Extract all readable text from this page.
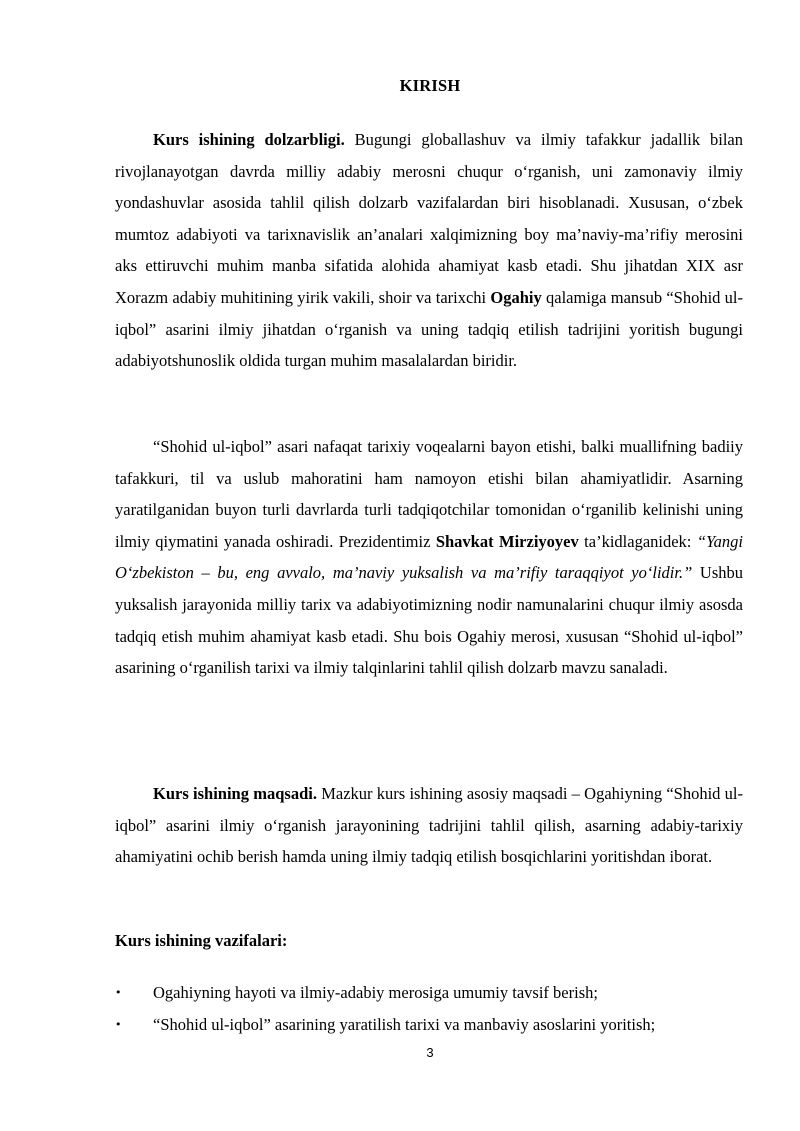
KIRISH

Kurs ishining dolzarbligi. Bugungi globallashuv va ilmiy tafakkur jadallik bilan rivojlanayotgan davrda milliy adabiy merosni chuqur o‘rganish, uni zamonaviy ilmiy yondashuvlar asosida tahlil qilish dolzarb vazifalardan biri hisoblanadi. Xususan, o‘zbek mumtoz adabiyoti va tarixnavislik an’analari xalqimizning boy ma’naviy-ma’rifiy merosini aks ettiruvchi muhim manba sifatida alohida ahamiyat kasb etadi. Shu jihatdan XIX asr Xorazm adabiy muhitining yirik vakili, shoir va tarixchi Ogahiy qalamiga mansub “Shohid ul-iqbol” asarini ilmiy jihatdan o‘rganish va uning tadqiq etilish tadrijini yoritish bugungi adabiyotshunoslik oldida turgan muhim masalalardan biridir.

“Shohid ul-iqbol” asari nafaqat tarixiy voqealarni bayon etishi, balki muallifning badiiy tafakkuri, til va uslub mahoratini ham namoyon etishi bilan ahamiyatlidir. Asarning yaratilganidan buyon turli davrlarda turli tadqiqotchilar tomonidan o‘rganilib kelinishi uning ilmiy qiymatini yanada oshiradi. Prezidentimiz Shavkat Mirziyoyev ta’kidlaganidek: “Yangi O‘zbekiston – bu, eng avvalo, ma’naviy yuksalish va ma’rifiy taraqqiyot yo‘lidir.” Ushbu yuksalish jarayonida milliy tarix va adabiyotimizning nodir namunalarini chuqur ilmiy asosda tadqiq etish muhim ahamiyat kasb etadi. Shu bois Ogahiy merosi, xususan “Shohid ul-iqbol” asarining o‘rganilish tarixi va ilmiy talqinlarini tahlil qilish dolzarb mavzu sanaladi.

Kurs ishining maqsadi. Mazkur kurs ishining asosiy maqsadi – Ogahiyning “Shohid ul-iqbol” asarini ilmiy o‘rganish jarayonining tadrijini tahlil qilish, asarning adabiy-tarixiy ahamiyatini ochib berish hamda uning ilmiy tadqiq etilish bosqichlarini yoritishdan iborat.

Kurs ishining vazifalari:
• Ogahiyning hayoti va ilmiy-adabiy merosiga umumiy tavsif berish;
• “Shohid ul-iqbol” asarining yaratilish tarixi va manbaviy asoslarini yoritish;
3
